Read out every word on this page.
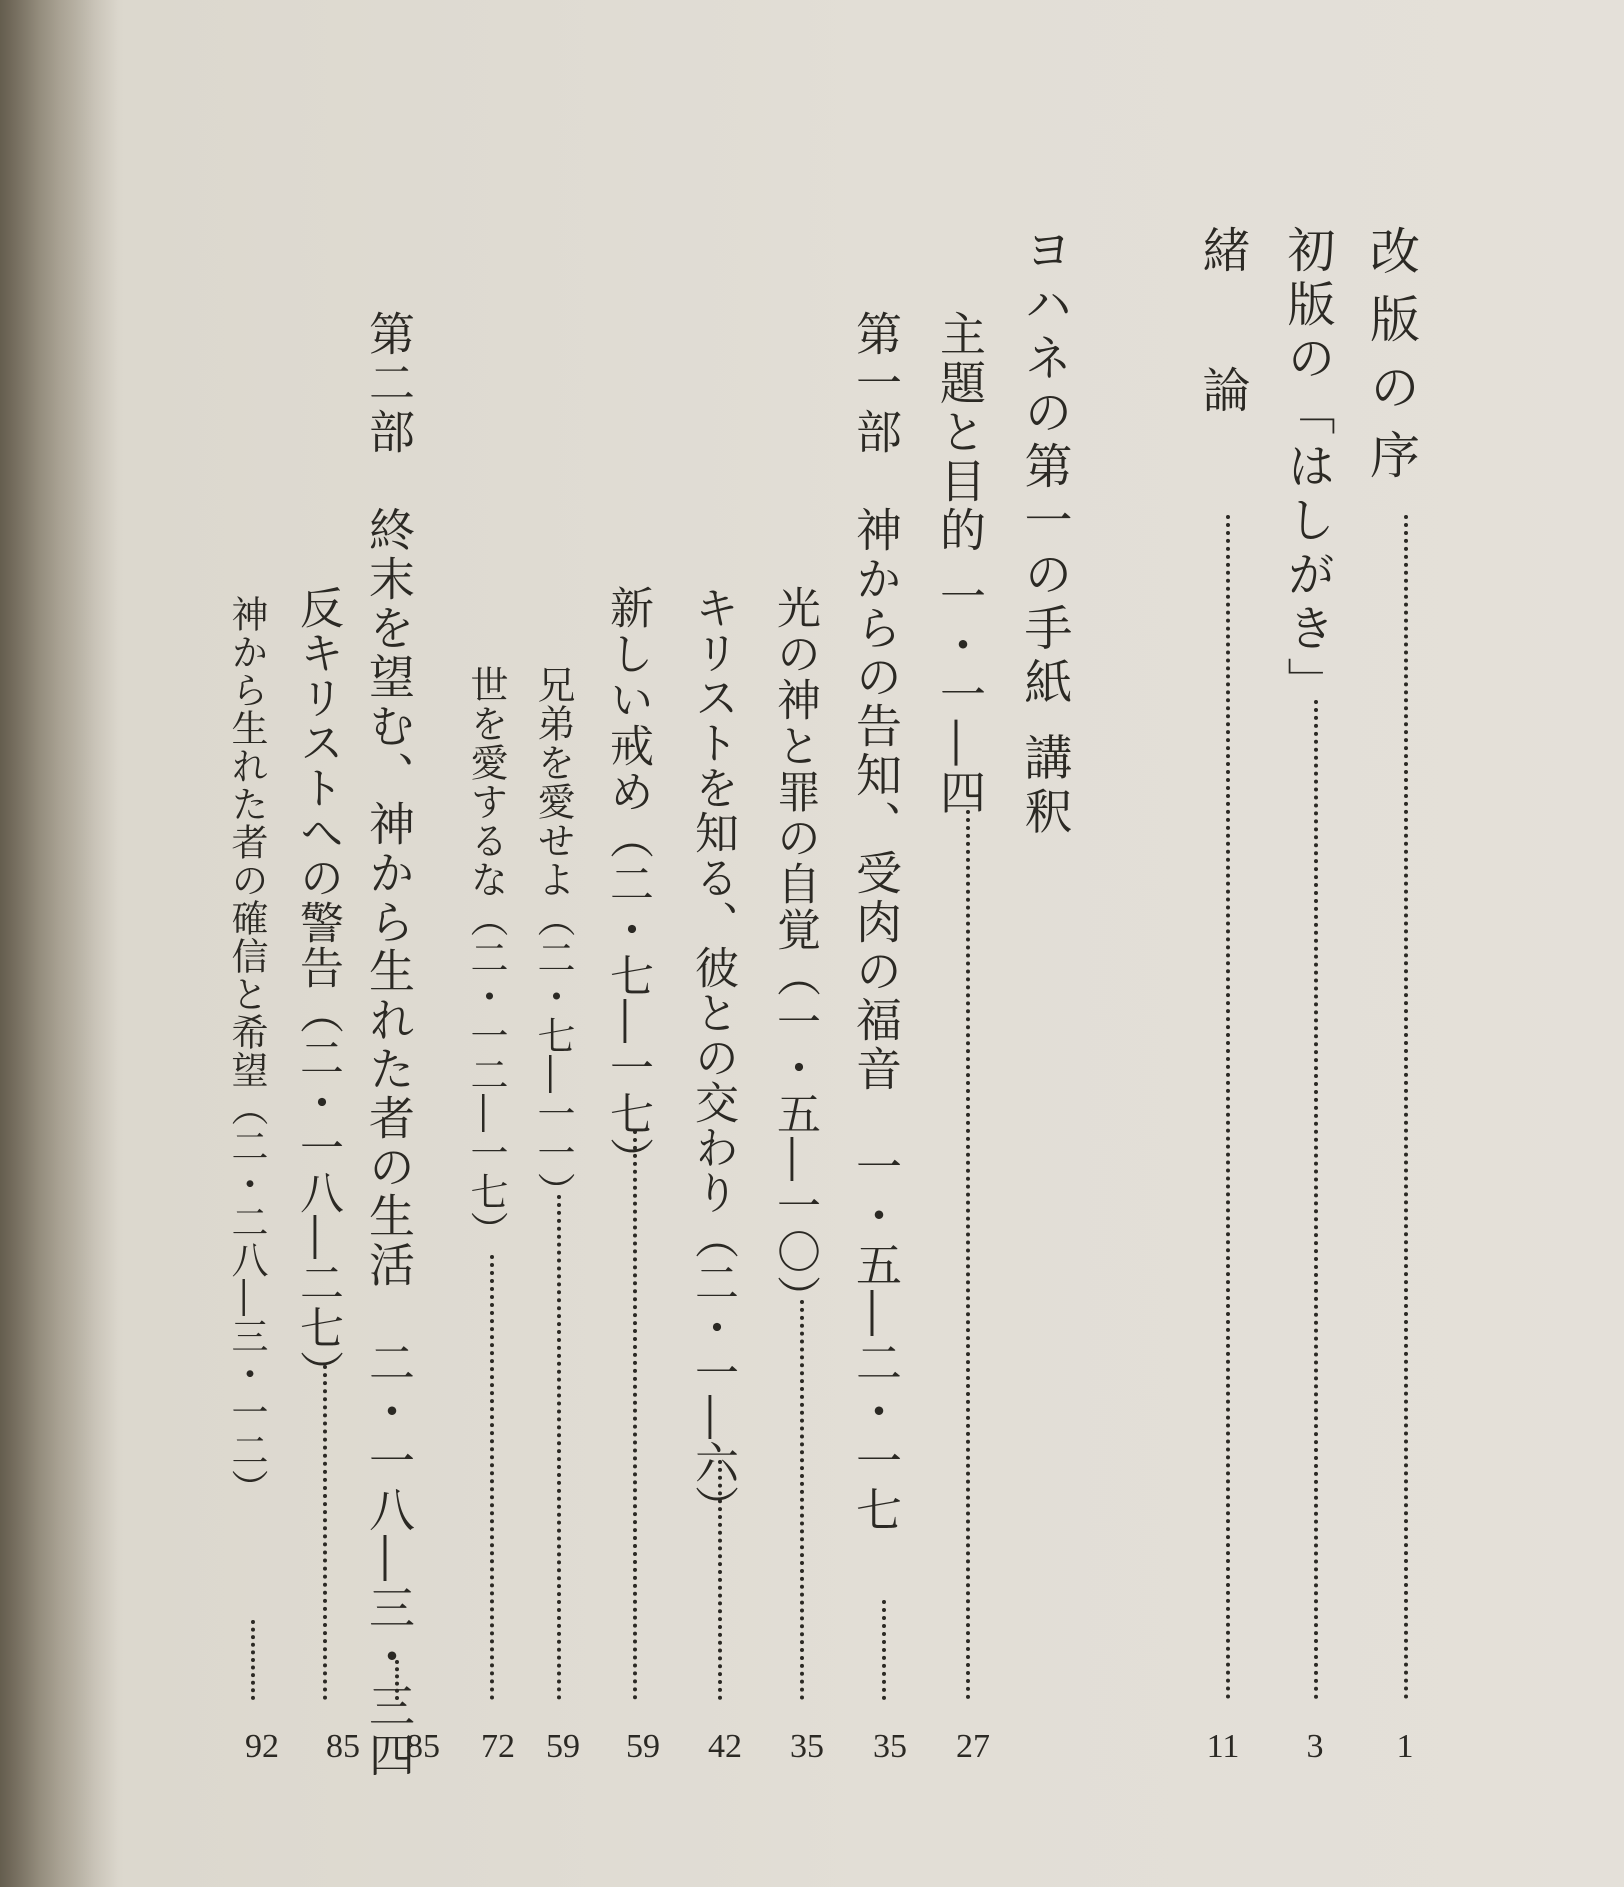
改版の序
1
初版の「はしがき」
3
緒　論
11
ヨハネの第一の手紙 講釈
主題と目的 一・一―四
27
第一部　神からの告知、受肉の福音　一・五―二・一七
35
光の神と罪の自覚（一・五―一〇）
35
キリストを知る、彼との交わり（二・一―六）
42
新しい戒め（二・七―一七）
59
兄弟を愛せよ（二・七―一一）
59
世を愛するな（二・一二―一七）
72
第二部　終末を望む、神から生れた者の生活　二・一八―三・三四
85
反キリストへの警告（二・一八―二七）
85
神から生れた者の確信と希望（二・二八―三・一二）
92
